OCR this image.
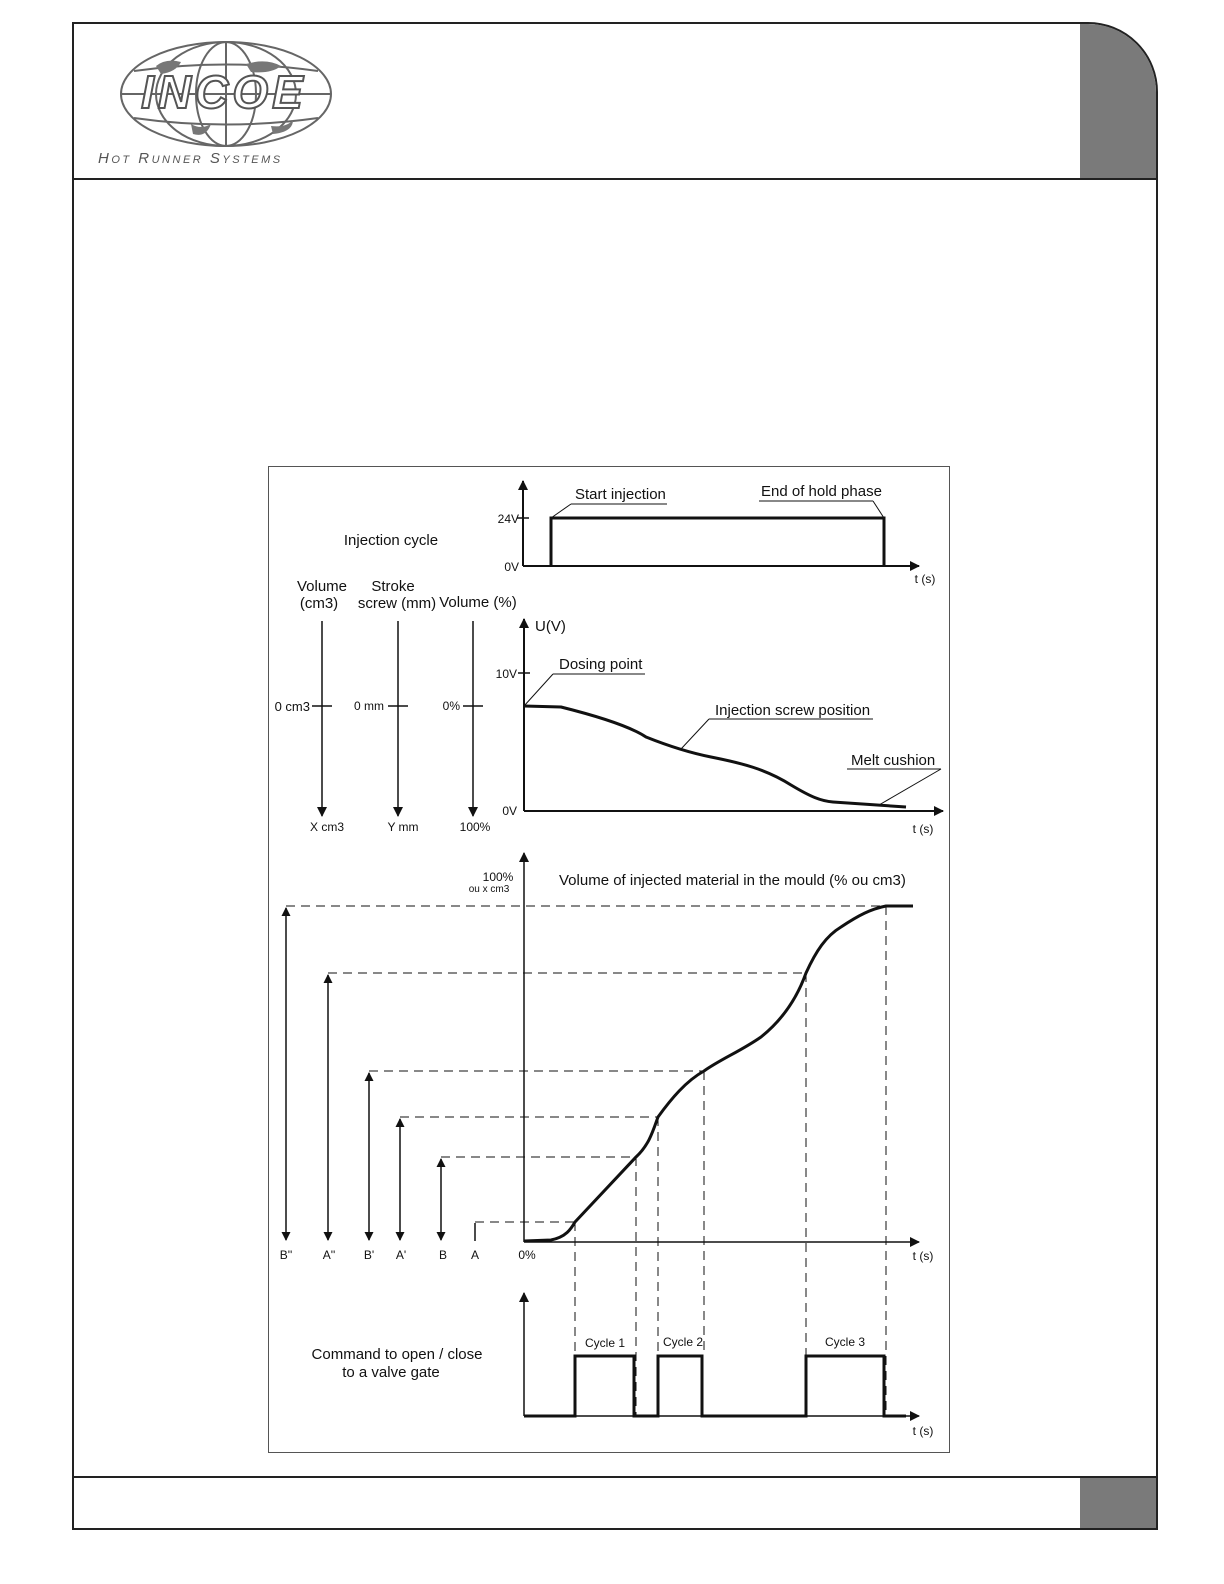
INCOE
Hot Runner Systems
24V
0V
t (s)
Injection cycle
Start injection	End of hold phase
Volume
(cm3)
Stroke
screw (mm) Volume (%)
0 cm3
X cm3
0 mm
Y mm
0%
100%
U(V)
10V
0V
t (s)
Dosing point
Injection screw position
Melt cushion
Volume of injected material in the mould (% ou cm3)
100%
ou x cm3
0%	t (s)
B''	A'' B' A'	B A
t (s)
Command to open / close
to a valve gate
Cycle 1	Cycle 2	Cycle 3
